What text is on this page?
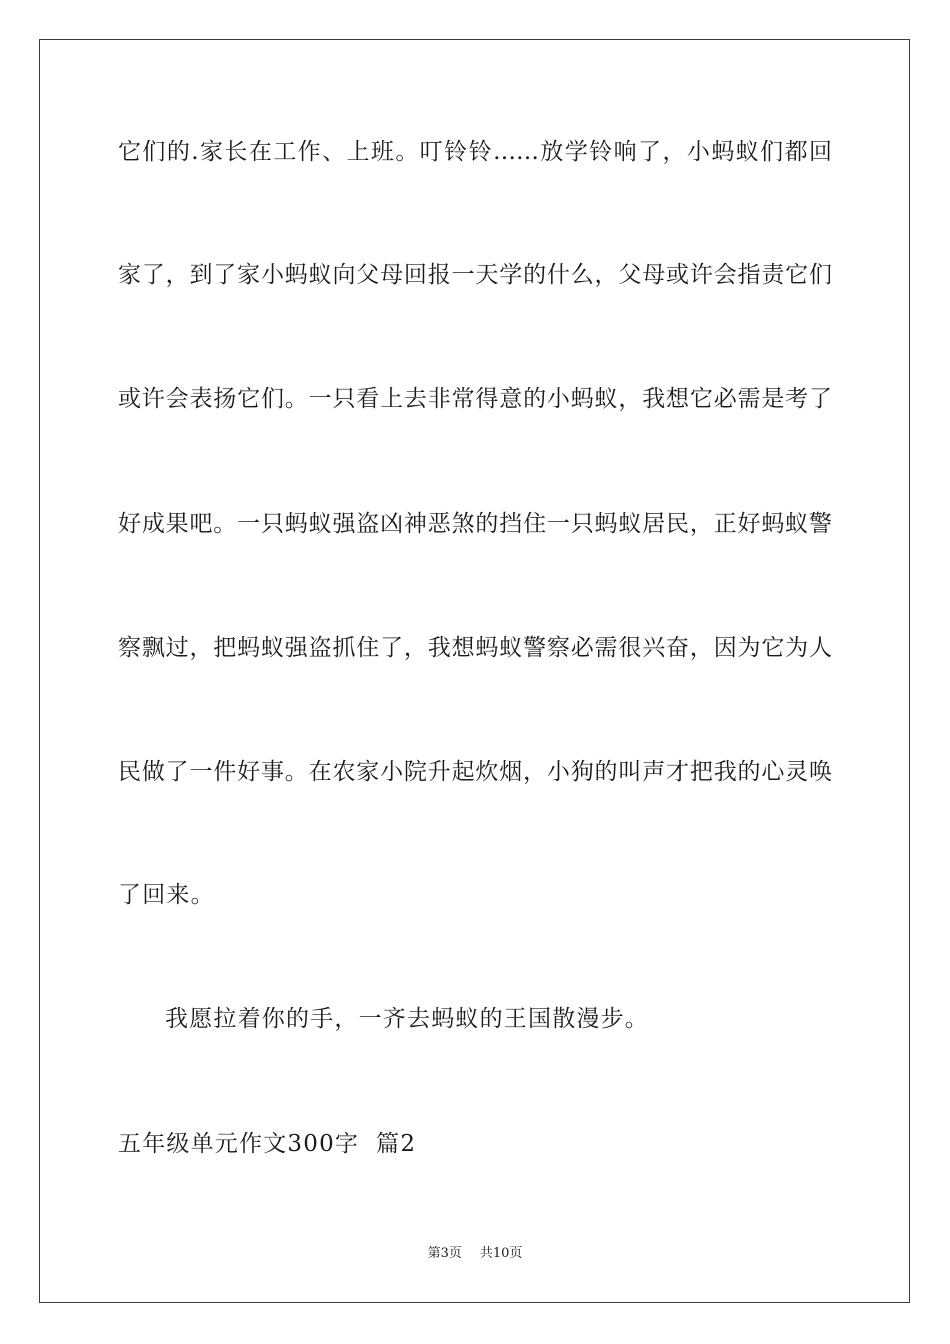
它们的.家长在工作、上班。叮铃铃……放学铃响了，小蚂蚁们都回
家了，到了家小蚂蚁向父母回报一天学的什么，父母或许会指责它们
或许会表扬它们。一只看上去非常得意的小蚂蚁，我想它必需是考了
好成果吧。一只蚂蚁强盗凶神恶煞的挡住一只蚂蚁居民，正好蚂蚁警
察飘过，把蚂蚁强盗抓住了，我想蚂蚁警察必需很兴奋，因为它为人
民做了一件好事。在农家小院升起炊烟，小狗的叫声才把我的心灵唤
了回来。
我愿拉着你的手，一齐去蚂蚁的王国散漫步。
五年级单元作文300字  篇2
第3页 共10页
